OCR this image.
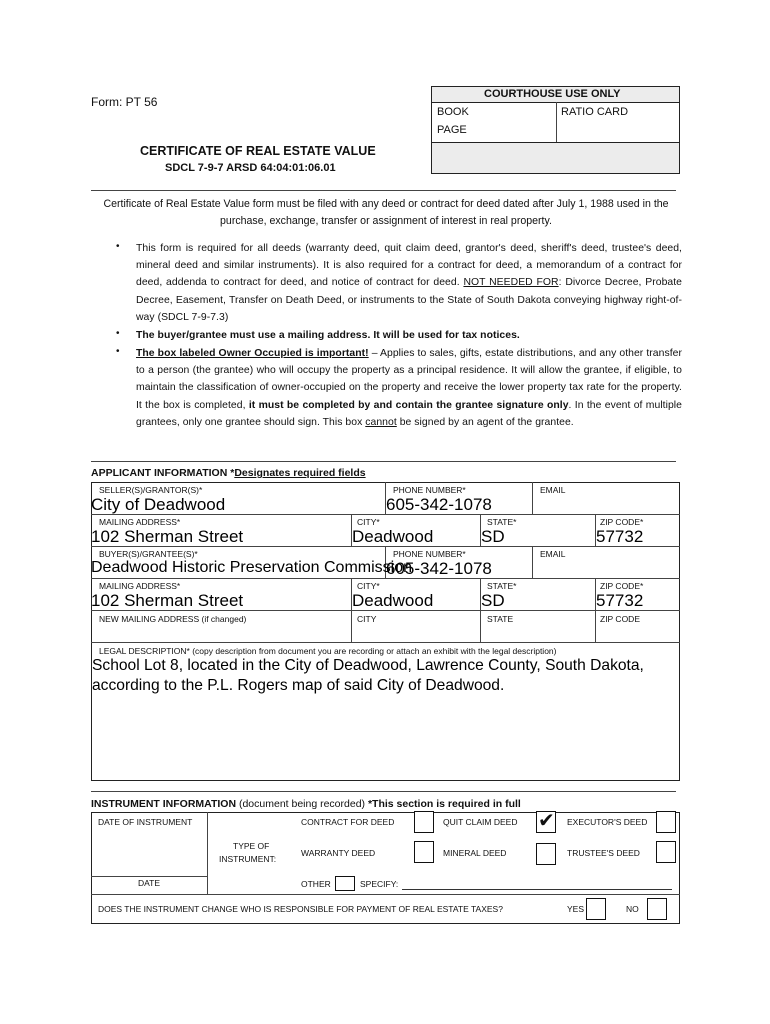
Form: PT 56
COURTHOUSE USE ONLY
BOOK
PAGE
RATIO CARD
CERTIFICATE OF REAL ESTATE VALUE
SDCL 7-9-7 ARSD 64:04:01:06.01
Certificate of Real Estate Value form must be filed with any deed or contract for deed dated after July 1, 1988 used in the purchase, exchange, transfer or assignment of interest in real property.
• This form is required for all deeds (warranty deed, quit claim deed, grantor's deed, sheriff's deed, trustee's deed, mineral deed and similar instruments). It is also required for a contract for deed, a memorandum of a contract for deed, addenda to contract for deed, and notice of contract for deed. NOT NEEDED FOR: Divorce Decree, Probate Decree, Easement, Transfer on Death Deed, or instruments to the State of South Dakota conveying highway right-of-way (SDCL 7-9-7.3)
• The buyer/grantee must use a mailing address. It will be used for tax notices.
• The box labeled Owner Occupied is important! – Applies to sales, gifts, estate distributions, and any other transfer to a person (the grantee) who will occupy the property as a principal residence. It will allow the grantee, if eligible, to maintain the classification of owner-occupied on the property and receive the lower property tax rate for the property. It the box is completed, it must be completed by and contain the grantee signature only. In the event of multiple grantees, only one grantee should sign. This box cannot be signed by an agent of the grantee.
APPLICANT INFORMATION *Designates required fields
SELLER(S)/GRANTOR(S)*
City of Deadwood
PHONE NUMBER*
605-342-1078
EMAIL
MAILING ADDRESS*
102 Sherman Street
CITY*
Deadwood
STATE*
SD
ZIP CODE*
57732
BUYER(S)/GRANTEE(S)*
Deadwood Historic Preservation Commission
PHONE NUMBER*
605-342-1078
EMAIL
MAILING ADDRESS*
102 Sherman Street
CITY*
Deadwood
STATE*
SD
ZIP CODE*
57732
NEW MAILING ADDRESS (if changed)	CITY	STATE	ZIP CODE
LEGAL DESCRIPTION* (copy description from document you are recording or attach an exhibit with the legal description)
School Lot 8, located in the City of Deadwood, Lawrence County, South Dakota,
according to the P.L. Rogers map of said City of Deadwood.
INSTRUMENT INFORMATION (document being recorded) *This section is required in full
DATE OF INSTRUMENT
DATE
TYPE OF
INSTRUMENT:
CONTRACT FOR DEED	QUIT CLAIM DEED ✔ EXECUTOR'S DEED
WARRANTY DEED	MINERAL DEED	TRUSTEE'S DEED
OTHER	SPECIFY:
DOES THE INSTRUMENT CHANGE WHO IS RESPONSIBLE FOR PAYMENT OF REAL ESTATE TAXES?	YES	NO
